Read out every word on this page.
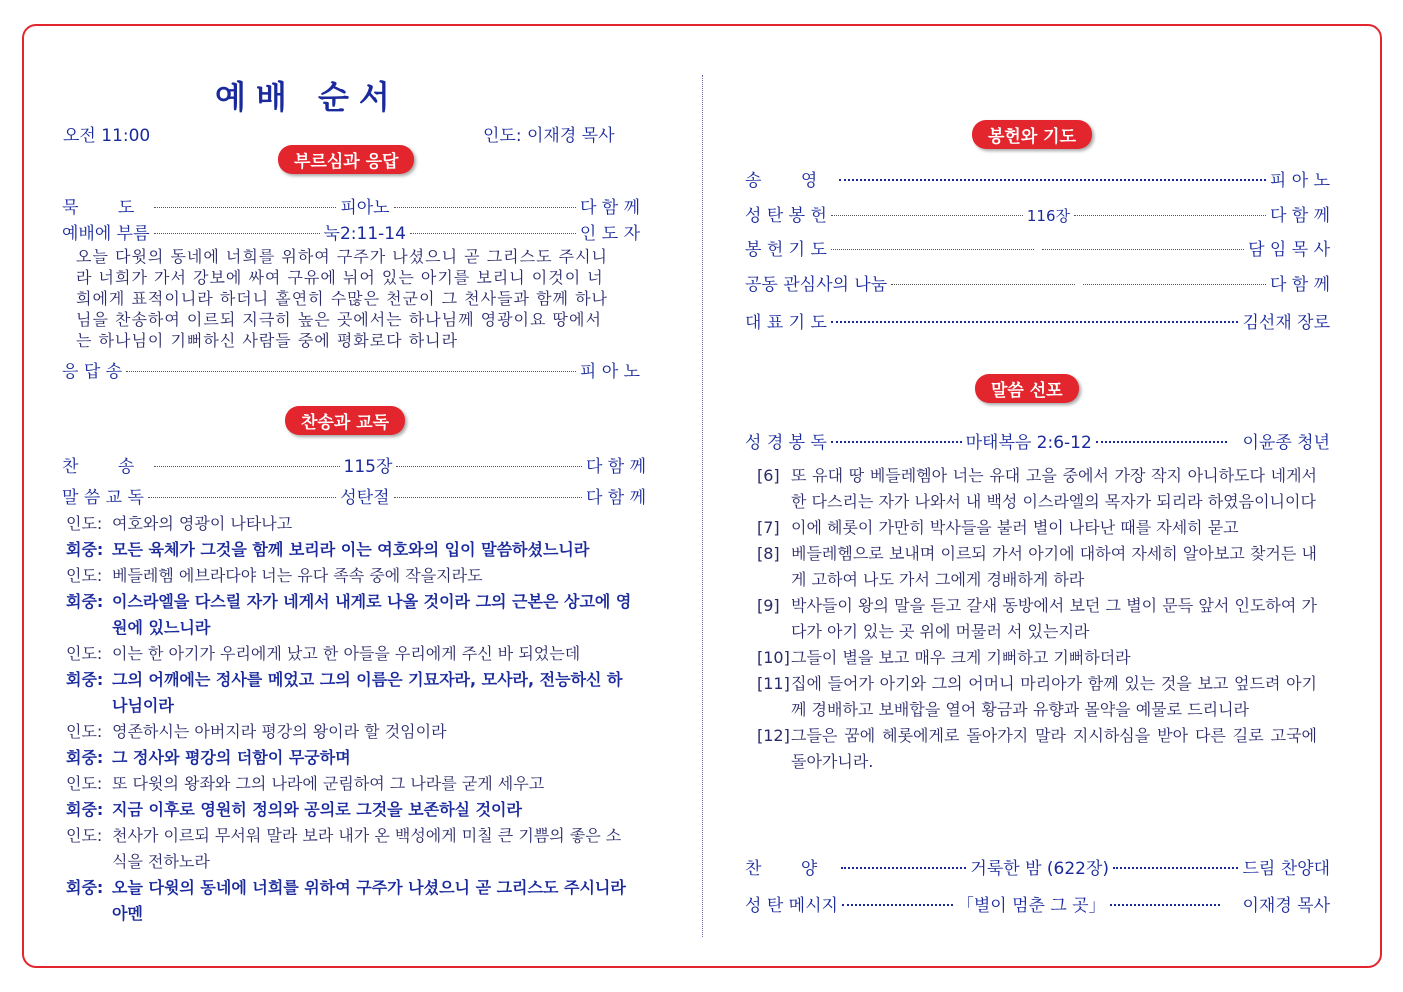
예배 순서
오전 11:00	인도: 이재경 목사
부르심과 응답
묵　　 도	피아노	다 함 께
예배에 부름	눅2:11-14	인 도 자

오늘 다윗의 동네에 너희를 위하여 구주가 나셨으니 곧 그리스도 주시니

라 너희가 가서 강보에 싸여 구유에 뉘어 있는 아기를 보리니 이것이 너

희에게 표적이니라 하더니 홀연히 수많은 천군이 그 천사들과 함께 하나

님을 찬송하여 이르되 지극히 높은 곳에서는 하나님께 영광이요 땅에서

는 하나님이 기뻐하신 사람들 중에 평화로다 하니라

응 답 송	피 아 노
찬송과 교독
찬　　 송	115장	다 함 께
말 씀 교 독	성탄절	다 함 께
인도: 여호와의 영광이 나타나고
회중: 모든 육체가 그것을 함께 보리라 이는 여호와의 입이 말씀하셨느니라
인도: 베들레헴 에브라다야 너는 유다 족속 중에 작을지라도
회중: 이스라엘을 다스릴 자가 네게서 내게로 나올 것이라 그의 근본은 상고에 영원에 있느니라
인도: 이는 한 아기가 우리에게 났고 한 아들을 우리에게 주신 바 되었는데
회중: 그의 어깨에는 정사를 메었고 그의 이름은 기묘자라, 모사라, 전능하신 하나님이라
인도: 영존하시는 아버지라 평강의 왕이라 할 것임이라
회중: 그 정사와 평강의 더함이 무궁하며
인도: 또 다윗의 왕좌와 그의 나라에 군림하여 그 나라를 굳게 세우고
회중: 지금 이후로 영원히 정의와 공의로 그것을 보존하실 것이라
인도: 천사가 이르되 무서워 말라 보라 내가 온 백성에게 미칠 큰 기쁨의 좋은 소식을 전하노라
회중: 오늘 다윗의 동네에 너희를 위하여 구주가 나셨으니 곧 그리스도 주시니라 아멘
봉헌와 기도
송　　 영	피 아 노
성 탄 봉 헌	116장	다 함 께
봉 헌 기 도	담 임 목 사
공동 관심사의 나눔	다 함 께
대 표 기 도	김선재 장로
말씀 선포
성 경 봉 독	마태복음 2:6-12	이윤종 청년
[6] 또 유대 땅 베들레헴아 너는 유대 고을 중에서 가장 작지 아니하도다 네게서 한 다스리는 자가 나와서 내 백성 이스라엘의 목자가 되리라 하였음이니이다
[7] 이에 헤롯이 가만히 박사들을 불러 별이 나타난 때를 자세히 묻고
[8] 베들레헴으로 보내며 이르되 가서 아기에 대하여 자세히 알아보고 찾거든 내게 고하여 나도 가서 그에게 경배하게 하라
[9] 박사들이 왕의 말을 듣고 갈새 동방에서 보던 그 별이 문득 앞서 인도하여 가다가 아기 있는 곳 위에 머물러 서 있는지라
[10] 그들이 별을 보고 매우 크게 기뻐하고 기뻐하더라
[11] 집에 들어가 아기와 그의 어머니 마리아가 함께 있는 것을 보고 엎드려 아기께 경배하고 보배합을 열어 황금과 유향과 몰약을 예물로 드리니라
[12] 그들은 꿈에 헤롯에게로 돌아가지 말라 지시하심을 받아 다른 길로 고국에 돌아가니라.
찬　　 양	거룩한 밤 (622장)	드림 찬양대
성 탄 메시지	「별이 멈춘 그 곳」	이재경 목사
